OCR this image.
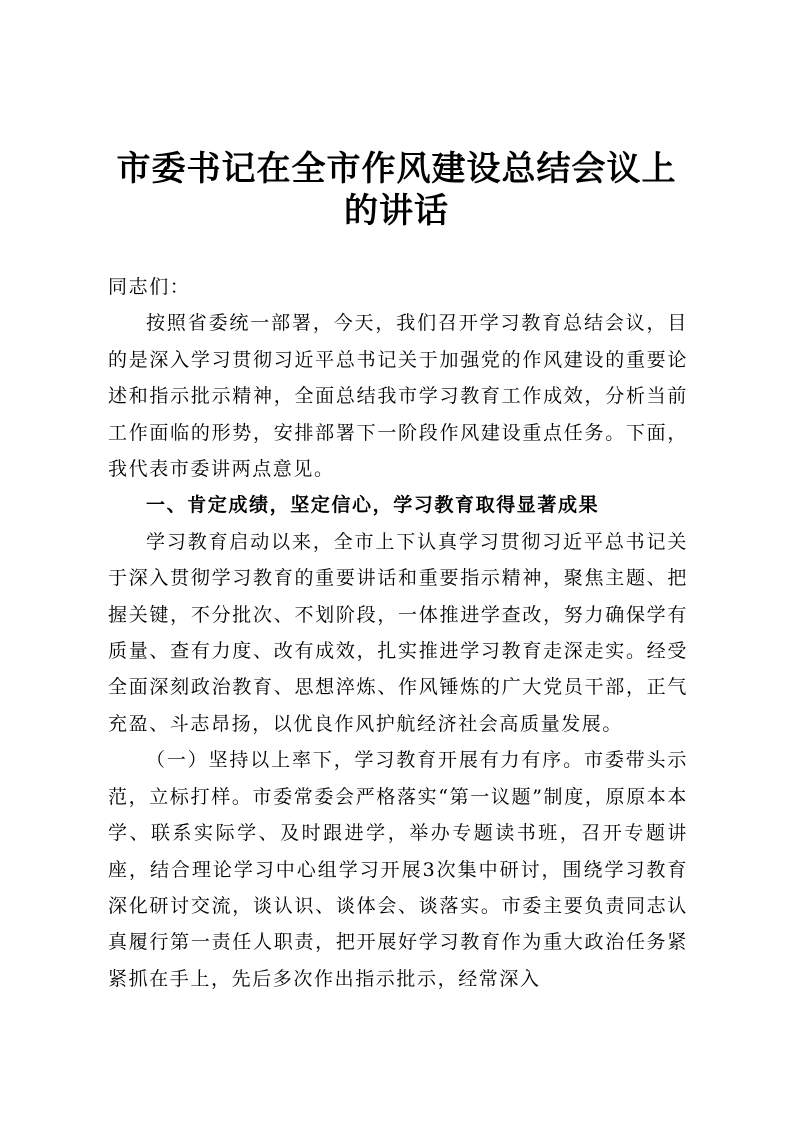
市委书记在全市作风建设总结会议上的讲话

同志们：

按照省委统一部署，今天，我们召开学习教育总结会议，目的是深入学习贯彻习近平总书记关于加强党的作风建设的重要论述和指示批示精神，全面总结我市学习教育工作成效，分析当前工作面临的形势，安排部署下一阶段作风建设重点任务。下面，我代表市委讲两点意见。

一、肯定成绩，坚定信心，学习教育取得显著成果

学习教育启动以来，全市上下认真学习贯彻习近平总书记关于深入贯彻学习教育的重要讲话和重要指示精神，聚焦主题、把握关键，不分批次、不划阶段，一体推进学查改，努力确保学有质量、查有力度、改有成效，扎实推进学习教育走深走实。经受全面深刻政治教育、思想淬炼、作风锤炼的广大党员干部，正气充盈、斗志昂扬，以优良作风护航经济社会高质量发展。

（一）坚持以上率下，学习教育开展有力有序。市委带头示范，立标打样。市委常委会严格落实“第一议题”制度，原原本本学、联系实际学、及时跟进学，举办专题读书班，召开专题讲座，结合理论学习中心组学习开展3次集中研讨，围绕学习教育深化研讨交流，谈认识、谈体会、谈落实。市委主要负责同志认真履行第一责任人职责，把开展好学习教育作为重大政治任务紧紧抓在手上，先后多次作出指示批示，经常深入
